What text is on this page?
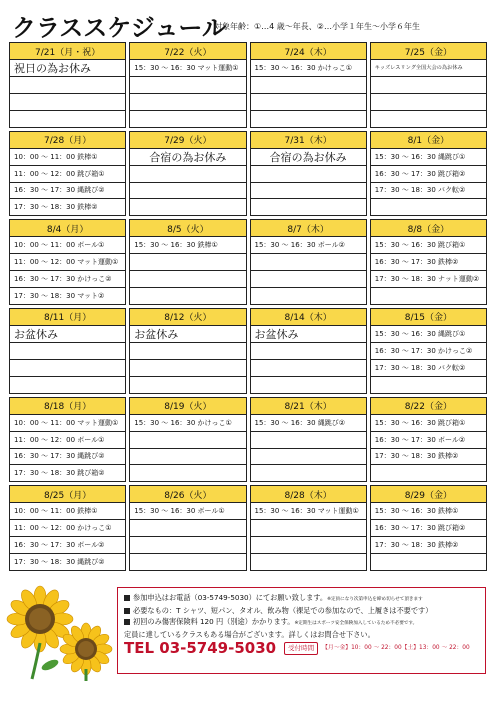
クラススケジュール
対象年齢：①…4 歳〜年長、②…小学１年生〜小学６年生
7/21（月・祝）
祝日の為お休み
7/22（火）
15：30 〜 16：30 マット運動①
7/24（木）
15：30 〜 16：30 かけっこ①
7/25（金）
キッズレスリング全国大会の為お休み
7/28（月）
10：00 〜 11：00 鉄棒①
11：00 〜 12：00 跳び箱①
16：30 〜 17：30 縄跳び②
17：30 〜 18：30 鉄棒②
7/29（火）
合宿の為お休み
7/31（木）
合宿の為お休み
8/1（金）
15：30 〜 16：30 縄跳び①
16：30 〜 17：30 跳び箱②
17：30 〜 18：30 バク転②
8/4（月）
10：00 〜 11：00 ボール①
11：00 〜 12：00 マット運動①
16：30 〜 17：30 かけっこ②
17：30 〜 18：30 マット②
8/5（火）
15：30 〜 16：30 鉄棒①
8/7（木）
15：30 〜 16：30 ボール②
8/8（金）
15：30 〜 16：30 跳び箱①
16：30 〜 17：30 鉄棒②
17：30 〜 18：30 ナット運動②
8/11（月）
お盆休み
8/12（火）
お盆休み
8/14（木）
お盆休み
8/15（金）
15：30 〜 16：30 縄跳び①
16：30 〜 17：30 かけっこ②
17：30 〜 18：30 バク転②
8/18（月）
10：00 〜 11：00 マット運動①
11：00 〜 12：00 ボール①
16：30 〜 17：30 縄跳び②
17：30 〜 18：30 跳び箱②
8/19（火）
15：30 〜 16：30 かけっこ①
8/21（木）
15：30 〜 16：30 縄跳び②
8/22（金）
15：30 〜 16：30 跳び箱①
16：30 〜 17：30 ボール②
17：30 〜 18：30 鉄棒②
8/25（月）
10：00 〜 11：00 鉄棒①
11：00 〜 12：00 かけっこ①
16：30 〜 17：30 ボール②
17：30 〜 18：30 縄跳び②
8/26（火）
15：30 〜 16：30 ボール①
8/28（木）
15：30 〜 16：30 マット運動①
8/29（金）
15：30 〜 16：30 鉄棒①
16：30 〜 17：30 跳び箱②
17：30 〜 18：30 鉄棒②
参加申込はお電話（03-5749-5030）にてお願い致します。※定員になり次第申込を締め切らせて頂きます
必要なもの：T シャツ、短パン、タオル、飲み物（裸足での参加なので、上履きは不要です）
初回のみ傷害保険料 120 円（別途）かかります。※定期生はスポーツ安全保険加入しているため不必要です。
定員に達しているクラスもある場合がございます。詳しくはお問合せ下さい。
TEL 03-5749-5030	受付時間	【月〜金】10：00 〜 22：00【土】13：00 〜 22：00
